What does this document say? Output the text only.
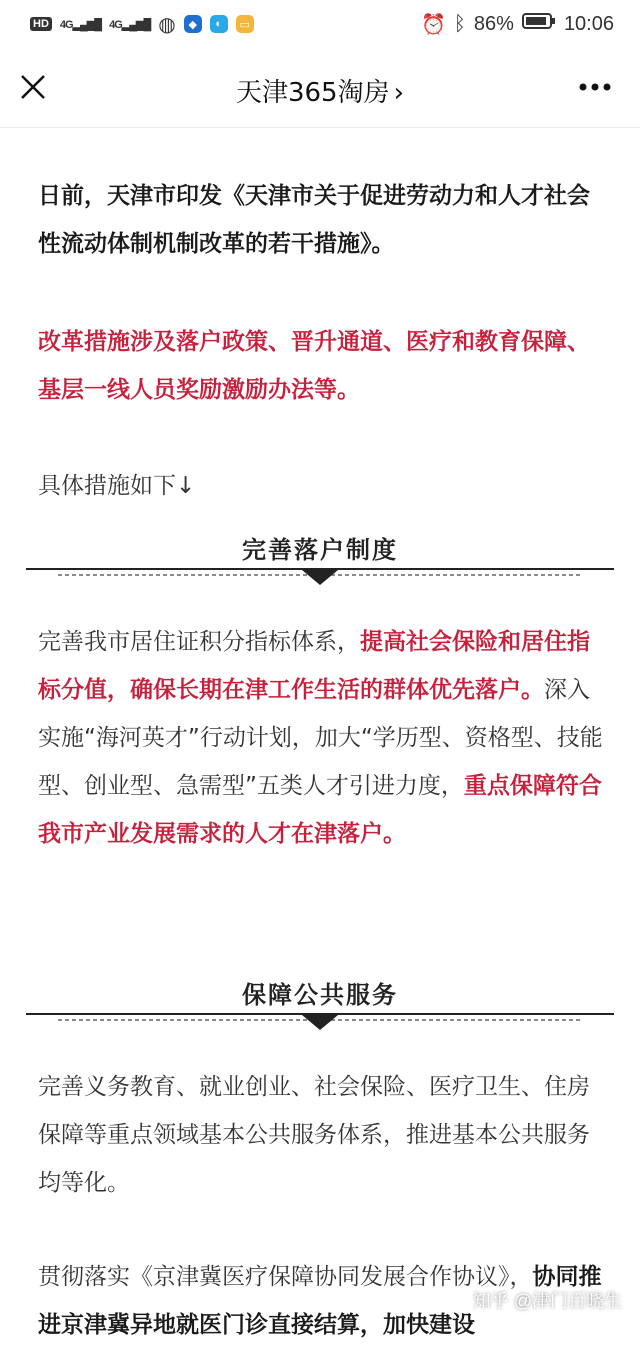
HD 4G▂▄▆█ 4G▂▄▆█ ◍	◆	◐	▭	⏰ ᛒ 86%	10:06
天津365淘房 ›

日前，天津市印发《天津市关于促进劳动力和人才社会性流动体制机制改革的若干措施》。

改革措施涉及落户政策、晋升通道、医疗和教育保障、基层一线人员奖励激励办法等。

具体措施如下↓

完善落户制度

完善我市居住证积分指标体系，提高社会保险和居住指标分值，确保长期在津工作生活的群体优先落户。深入实施“海河英才”行动计划，加大“学历型、资格型、技能型、创业型、急需型”五类人才引进力度，重点保障符合我市产业发展需求的人才在津落户。

保障公共服务

完善义务教育、就业创业、社会保险、医疗卫生、住房保障等重点领域基本公共服务体系，推进基本公共服务均等化。

贯彻落实《京津冀医疗保障协同发展合作协议》，协同推进京津冀异地就医门诊直接结算，加快建设

知乎 @津门百晓生
